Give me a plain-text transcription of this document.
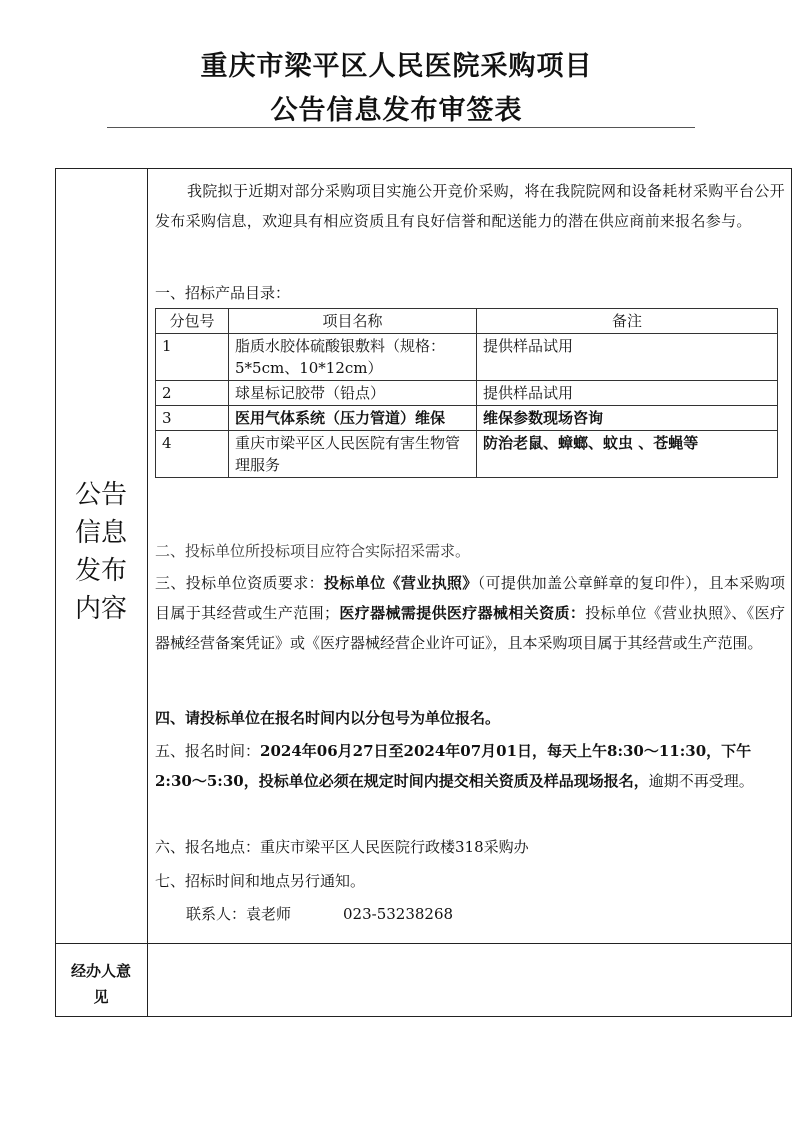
重庆市梁平区人民医院采购项目
公告信息发布审签表
公告信息发布内容
经办人意见
我院拟于近期对部分采购项目实施公开竞价采购，将在我院院网和设备耗材采购平台公开发布采购信息，欢迎具有相应资质且有良好信誉和配送能力的潜在供应商前来报名参与。
一、招标产品目录：
分包号	项目名称	备注
1	脂质水胶体硫酸银敷料（规格：5*5cm、10*12cm）	提供样品试用
2	球星标记胶带（铅点）	提供样品试用
3	医用气体系统（压力管道）维保	维保参数现场咨询
4	重庆市梁平区人民医院有害生物管理服务	防治老鼠、蟑螂、蚊虫 、苍蝇等
二、投标单位所投标项目应符合实际招采需求。
三、投标单位资质要求：投标单位《营业执照》（可提供加盖公章鲜章的复印件），且本采购项目属于其经营或生产范围；医疗器械需提供医疗器械相关资质：投标单位《营业执照》、《医疗器械经营备案凭证》或《医疗器械经营企业许可证》，且本采购项目属于其经营或生产范围。
四、请投标单位在报名时间内以分包号为单位报名。
五、报名时间：2024年06月27日至2024年07月01日，每天上午8:30～11:30，下午2:30～5:30，投标单位必须在规定时间内提交相关资质及样品现场报名，逾期不再受理。
六、报名地点：重庆市梁平区人民医院行政楼318采购办
七、招标时间和地点另行通知。
联系人：袁老师	023-53238268
